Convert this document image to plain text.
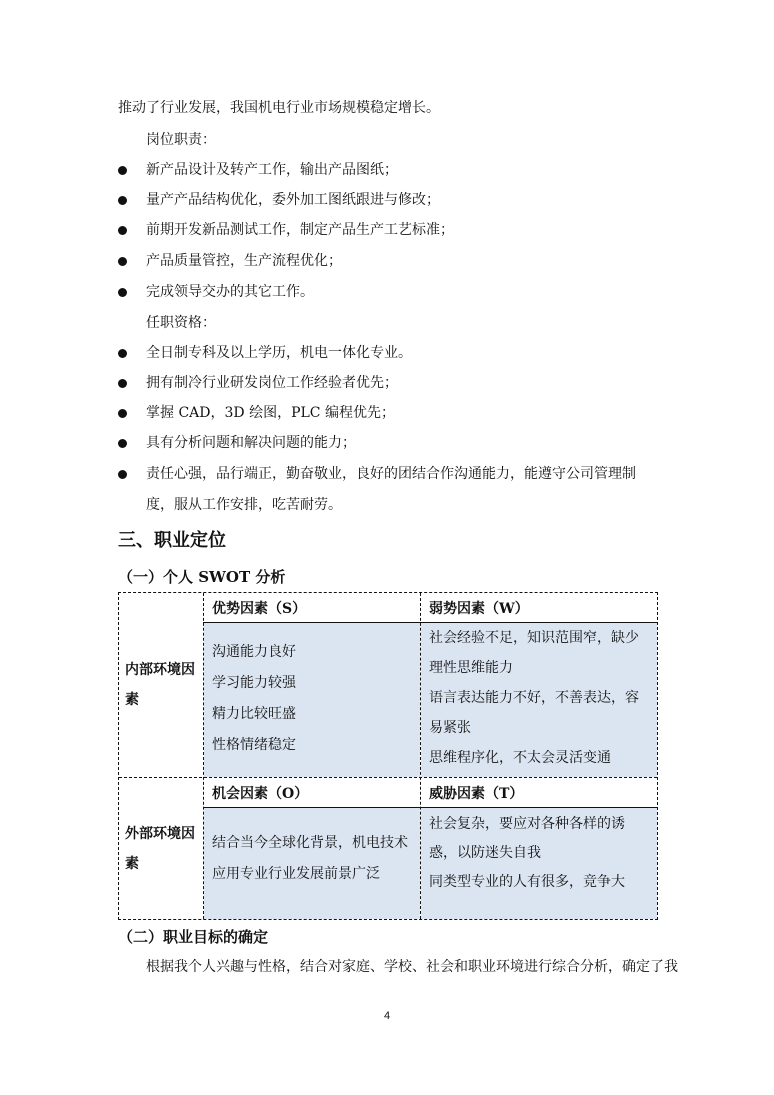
推动了行业发展，我国机电行业市场规模稳定增长。
岗位职责：
新产品设计及转产工作，输出产品图纸；
量产产品结构优化，委外加工图纸跟进与修改；
前期开发新品测试工作，制定产品生产工艺标准；
产品质量管控，生产流程优化；
完成领导交办的其它工作。
任职资格：
全日制专科及以上学历，机电一体化专业。
拥有制冷行业研发岗位工作经验者优先；
掌握 CAD，3D 绘图，PLC 编程优先；
具有分析问题和解决问题的能力；
责任心强，品行端正，勤奋敬业，良好的团结合作沟通能力，能遵守公司管理制度，服从工作安排，吃苦耐劳。
三、职业定位
（一）个人 SWOT 分析
内部环境因素
外部环境因素
优势因素（S）	弱势因素（W）
机会因素（O）	威胁因素（T）
沟通能力良好
学习能力较强
精力比较旺盛
性格情绪稳定
社会经验不足，知识范围窄，缺少理性思维能力
语言表达能力不好，不善表达，容易紧张
思维程序化，不太会灵活变通
结合当今全球化背景，机电技术应用专业行业发展前景广泛
社会复杂，要应对各种各样的诱惑，以防迷失自我
同类型专业的人有很多，竞争大
（二）职业目标的确定
根据我个人兴趣与性格，结合对家庭、学校、社会和职业环境进行综合分析，确定了我
4
